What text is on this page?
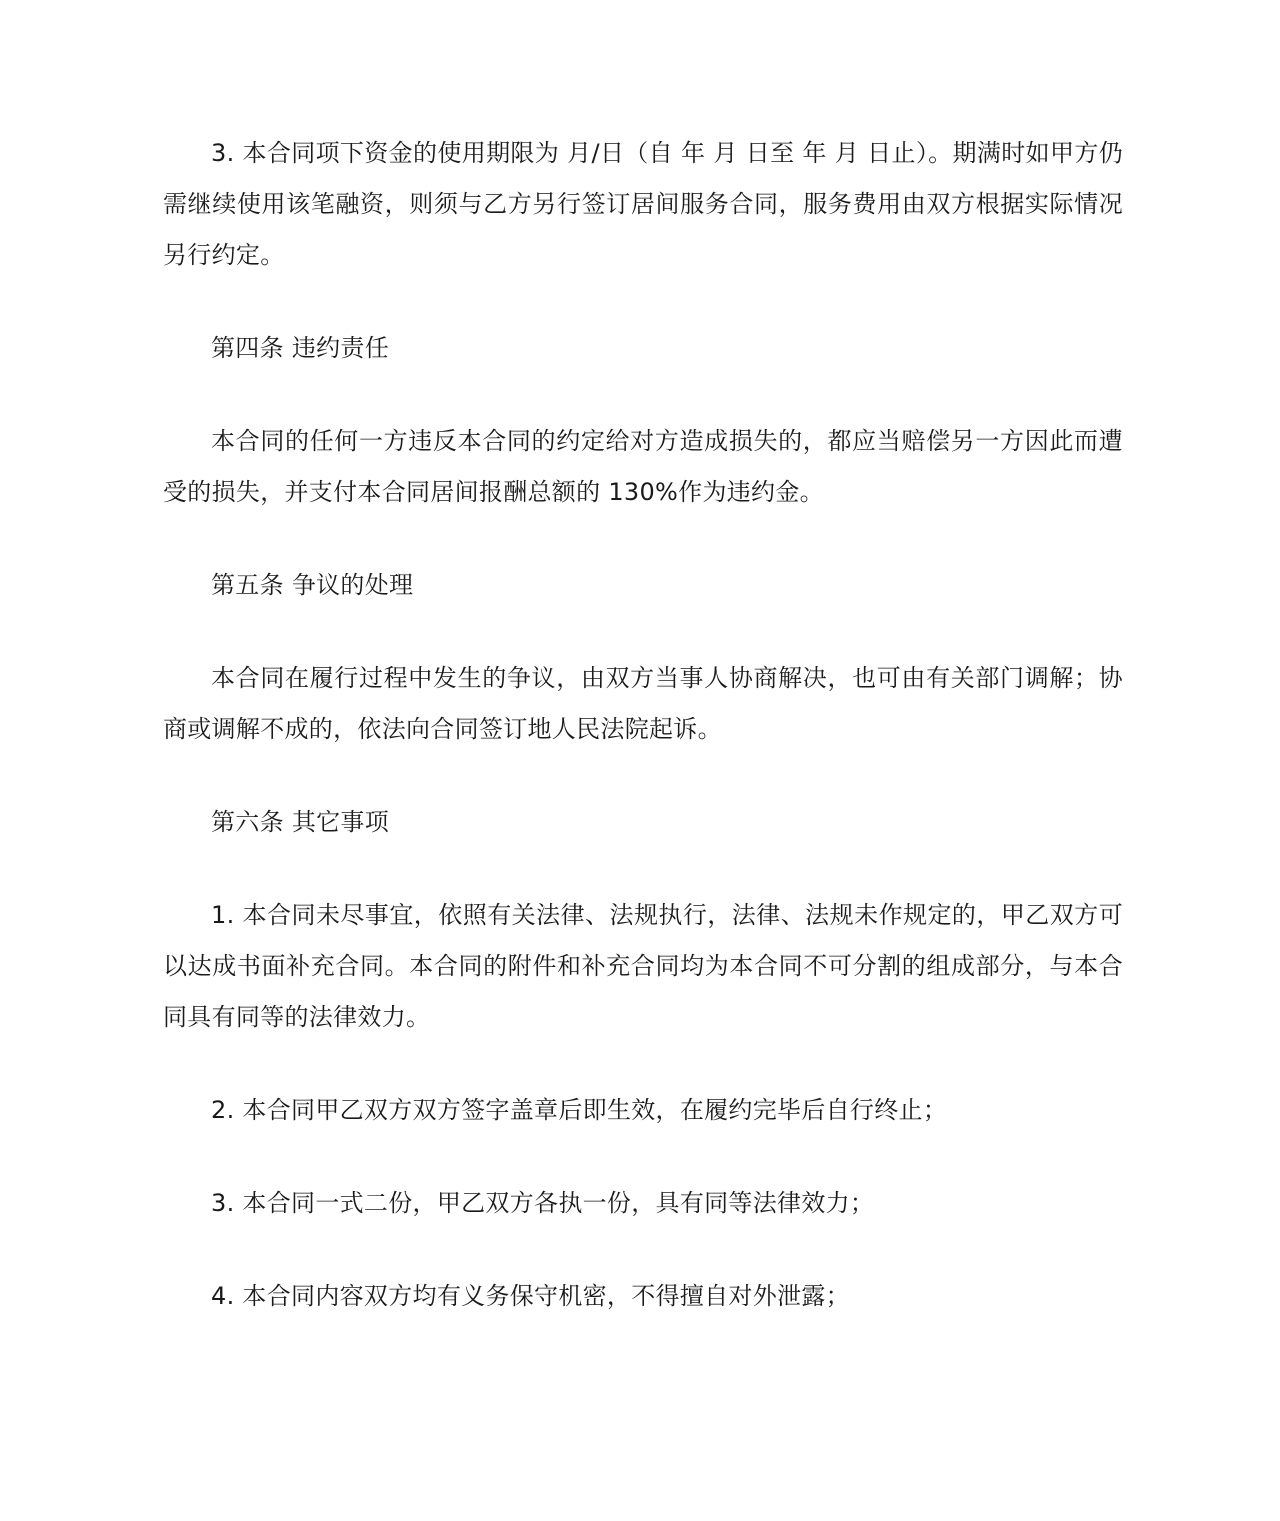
3. 本合同项下资金的使用期限为 月/日（自 年 月 日至 年 月 日止）。期满时如甲方仍需继续使用该笔融资，则须与乙方另行签订居间服务合同，服务费用由双方根据实际情况另行约定。

第四条 违约责任

本合同的任何一方违反本合同的约定给对方造成损失的，都应当赔偿另一方因此而遭受的损失，并支付本合同居间报酬总额的 130%作为违约金。

第五条 争议的处理

本合同在履行过程中发生的争议，由双方当事人协商解决，也可由有关部门调解；协商或调解不成的，依法向合同签订地人民法院起诉。

第六条 其它事项

1. 本合同未尽事宜，依照有关法律、法规执行，法律、法规未作规定的，甲乙双方可以达成书面补充合同。本合同的附件和补充合同均为本合同不可分割的组成部分，与本合同具有同等的法律效力。

2. 本合同甲乙双方双方签字盖章后即生效，在履约完毕后自行终止；

3. 本合同一式二份，甲乙双方各执一份，具有同等法律效力；

4. 本合同内容双方均有义务保守机密，不得擅自对外泄露；
